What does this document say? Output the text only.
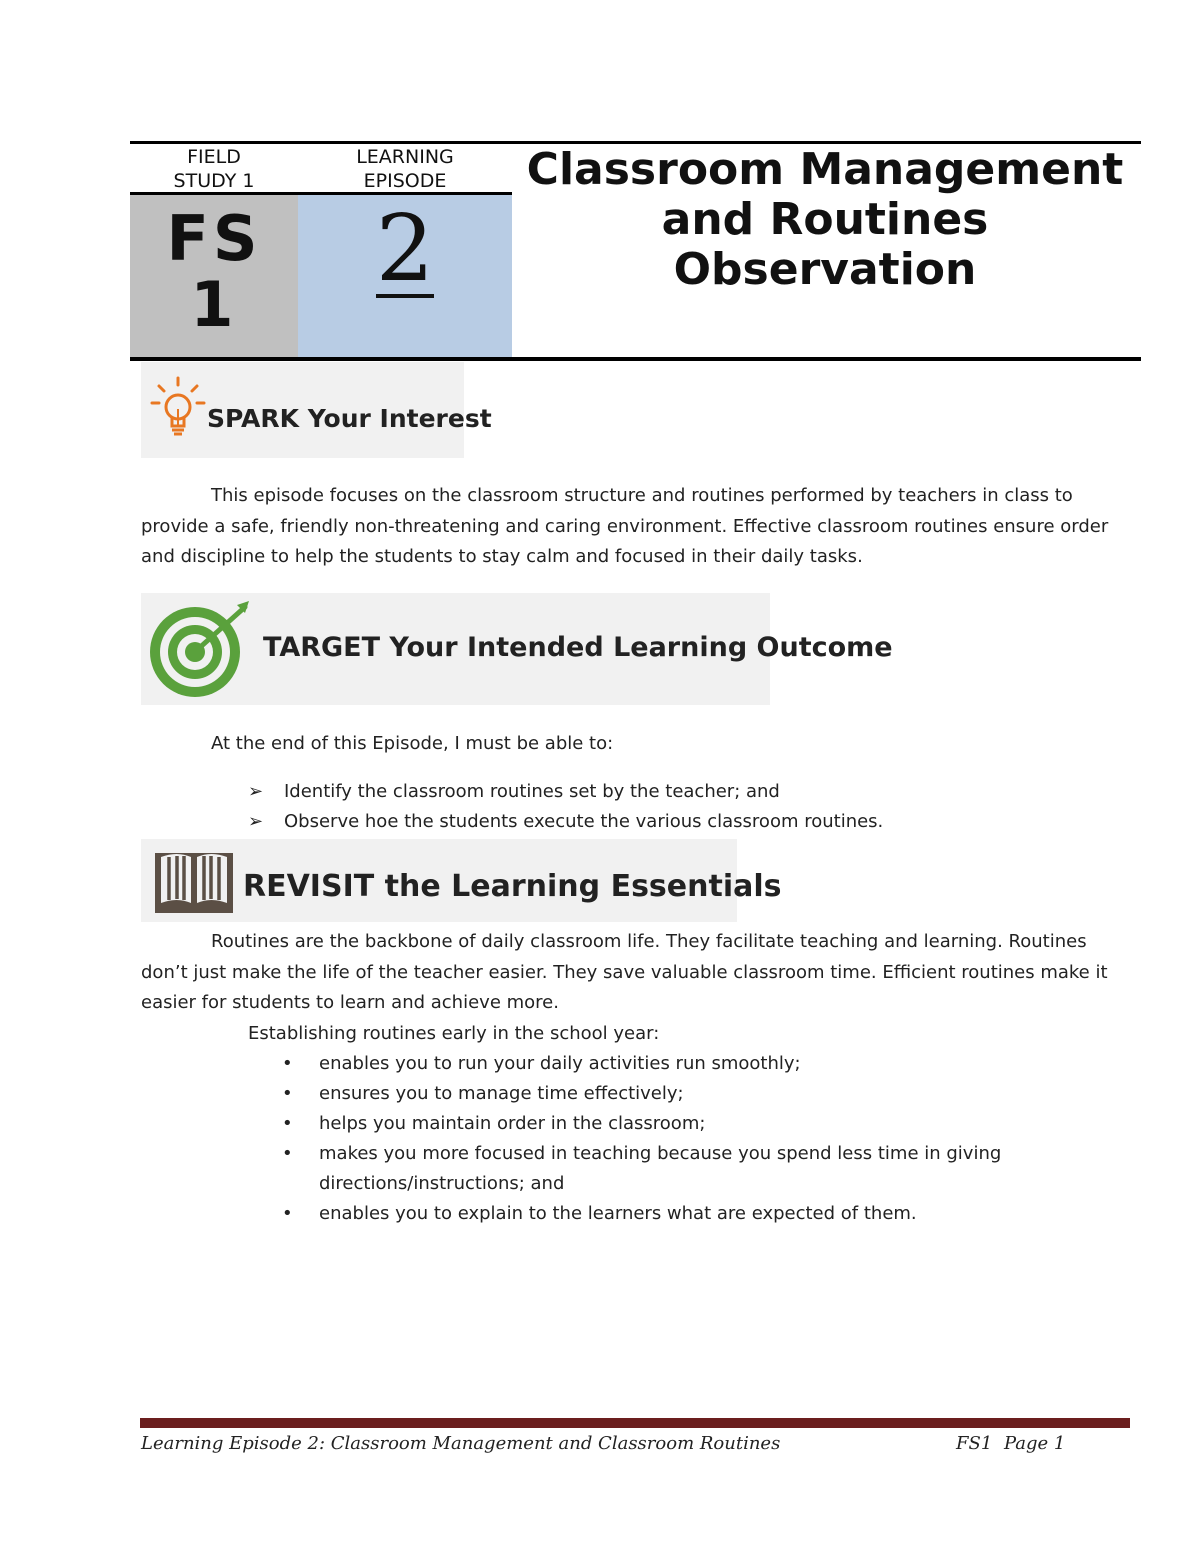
FIELD
STUDY 1
LEARNING
EPISODE
FS
1
2
Classroom Management
and Routines
Observation
SPARK Your Interest
This episode focuses on the classroom structure and routines performed by teachers in class to provide a safe, friendly non-threatening and caring environment. Effective classroom routines ensure order and discipline to help the students to stay calm and focused in their daily tasks.
TARGET Your Intended Learning Outcome
At the end of this Episode, I must be able to:
➢	Identify the classroom routines set by the teacher; and
➢	Observe hoe the students execute the various classroom routines.
REVISIT the Learning Essentials
Routines are the backbone of daily classroom life. They facilitate teaching and learning. Routines don’t just make the life of the teacher easier. They save valuable classroom time. Efficient routines make it easier for students to learn and achieve more.
Establishing routines early in the school year:
•	enables you to run your daily activities run smoothly;
•	ensures you to manage time effectively;
•	helps you maintain order in the classroom;
•	makes you more focused in teaching because you spend less time in giving directions/instructions; and
•	enables you to explain to the learners what are expected of them.
Learning Episode 2: Classroom Management and Classroom Routines	FS1 Page 1
